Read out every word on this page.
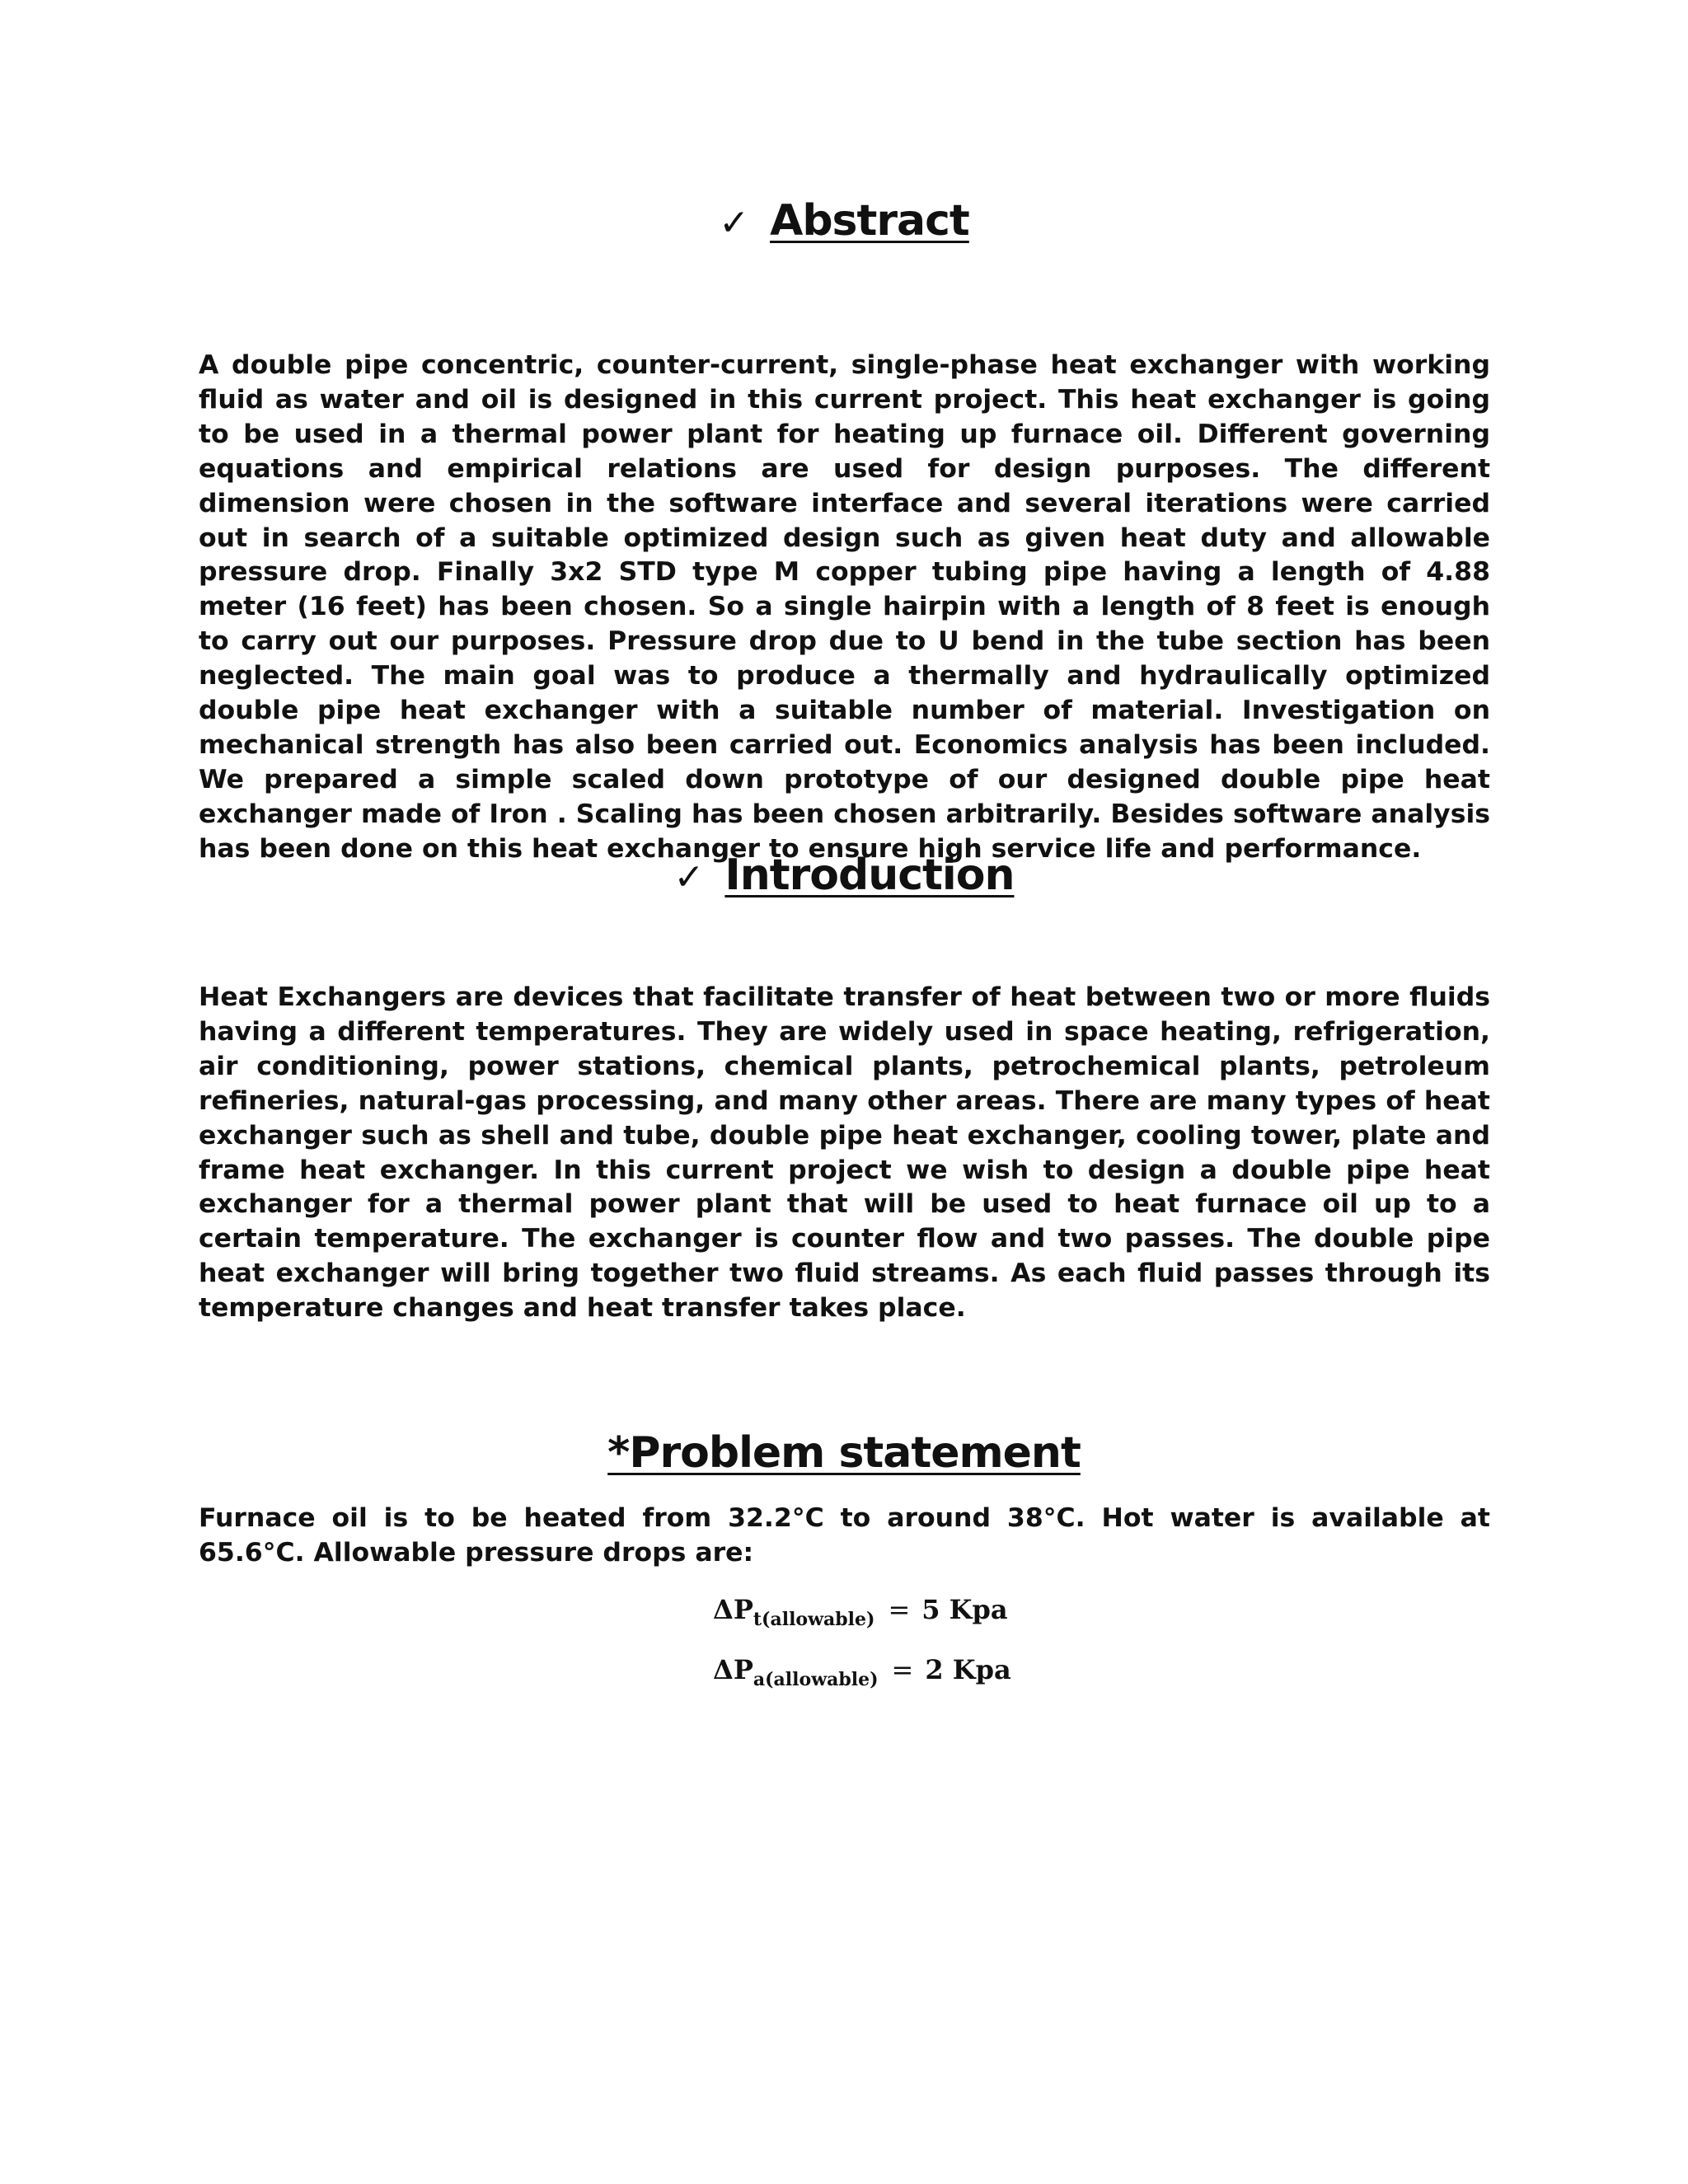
✓ Abstract

A double pipe concentric, counter-current, single-phase heat exchanger with working fluid as water and oil is designed in this current project. This heat exchanger is going to be used in a thermal power plant for heating up furnace oil. Different governing equations and empirical relations are used for design purposes. The different dimension were chosen in the software interface and several iterations were carried out in search of a suitable optimized design such as given heat duty and allowable pressure drop. Finally 3x2 STD type M copper tubing pipe having a length of 4.88 meter (16 feet) has been chosen. So a single hairpin with a length of 8 feet is enough to carry out our purposes. Pressure drop due to U bend in the tube section has been neglected. The main goal was to produce a thermally and hydraulically optimized double pipe heat exchanger with a suitable number of material. Investigation on mechanical strength has also been carried out. Economics analysis has been included. We prepared a simple scaled down prototype of our designed double pipe heat exchanger made of Iron . Scaling has been chosen arbitrarily. Besides software analysis has been done on this heat exchanger to ensure high service life and performance.

✓ Introduction

Heat Exchangers are devices that facilitate transfer of heat between two or more fluids having a different temperatures. They are widely used in space heating, refrigeration, air conditioning, power stations, chemical plants, petrochemical plants, petroleum refineries, natural-gas processing, and many other areas. There are many types of heat exchanger such as shell and tube, double pipe heat exchanger, cooling tower, plate and frame heat exchanger. In this current project we wish to design a double pipe heat exchanger for a thermal power plant that will be used to heat furnace oil up to a certain temperature. The exchanger is counter flow and two passes. The double pipe heat exchanger will bring together two fluid streams. As each fluid passes through its temperature changes and heat transfer takes place.

*Problem statement

Furnace oil is to be heated from 32.2°C to around 38°C. Hot water is available at 65.6°C. Allowable pressure drops are:

$\Delta P_{t(allowable)} = 5$ Kpa
$\Delta P_{a(allowable)} = 2$ Kpa
